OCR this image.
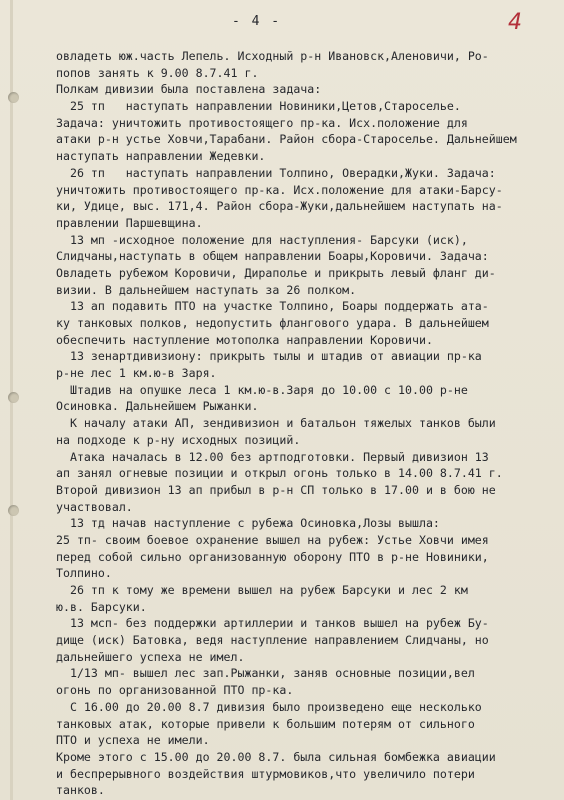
- 4 -	4
овладеть юж.часть Лепель. Исходный р-н Ивановск,Аленовичи, Ро-
попов занять к 9.00 8.7.41 г.
Полкам дивизии была поставлена задача:
25 тп   наступать направлении Новиники,Цетов,Староселье.
Задача: уничтожить противостоящего пр-ка. Исх.положение для
атаки р-н устье Ховчи,Тарабани. Район сбора-Староселье. Дальнейшем
наступать направлении Жедевки.
26 тп   наступать направлении Толпино, Оверадки,Жуки. Задача:
уничтожить противостоящего пр-ка. Исх.положение для атаки-Барсу-
ки, Удице, выс. 171,4. Район сбора-Жуки,дальнейшем наступать на-
правлении Паршевщина.
13 мп -исходное положение для наступления- Барсуки (иск),
Слидчаны,наступать в общем направлении Боары,Коровичи. Задача:
Овладеть рубежом Коровичи, Дираполье и прикрыть левый фланг ди-
визии. В дальнейшем наступать за 26 полком.
13 ап подавить ПТО на участке Толпино, Боары поддержать ата-
ку танковых полков, недопустить флангового удара. В дальнейшем
обеспечить наступление мотополка направлении Коровичи.
13 зенартдивизиону: прикрыть тылы и штадив от авиации пр-ка
р-не лес 1 км.ю-в Заря.
Штадив на опушке леса 1 км.ю-в.Заря до 10.00 с 10.00 р-не
Осиновка. Дальнейшем Рыжанки.
К началу атаки АП, зендивизион и батальон тяжелых танков были
на подходе к р-ну исходных позиций.
Атака началась в 12.00 без артподготовки. Первый дивизион 13
ап занял огневые позиции и открыл огонь только в 14.00 8.7.41 г.
Второй дивизион 13 ап прибыл в р-н СП только в 17.00 и в бою не
участвовал.
13 тд начав наступление с рубежа Осиновка,Лозы вышла:
25 тп- своим боевое охранение вышел на рубеж: Устье Ховчи имея
перед собой сильно организованную оборону ПТО в р-не Новиники,
Толпино.
26 тп к тому же времени вышел на рубеж Барсуки и лес 2 км
ю.в. Барсуки.
13 мсп- без поддержки артиллерии и танков вышел на рубеж Бу-
дище (иск) Батовка, ведя наступление направлением Слидчаны, но
дальнейшего успеха не имел.
1/13 мп- вышел лес зап.Рыжанки, заняв основные позиции,вел
огонь по организованной ПТО пр-ка.
С 16.00 до 20.00 8.7 дивизия было произведено еще несколько
танковых атак, которые привели к большим потерям от сильного
ПТО и успеха не имели.
Кроме этого с 15.00 до 20.00 8.7. была сильная бомбежка авиации
и беспрерывного воздействия штурмовиков,что увеличило потери
танков.
